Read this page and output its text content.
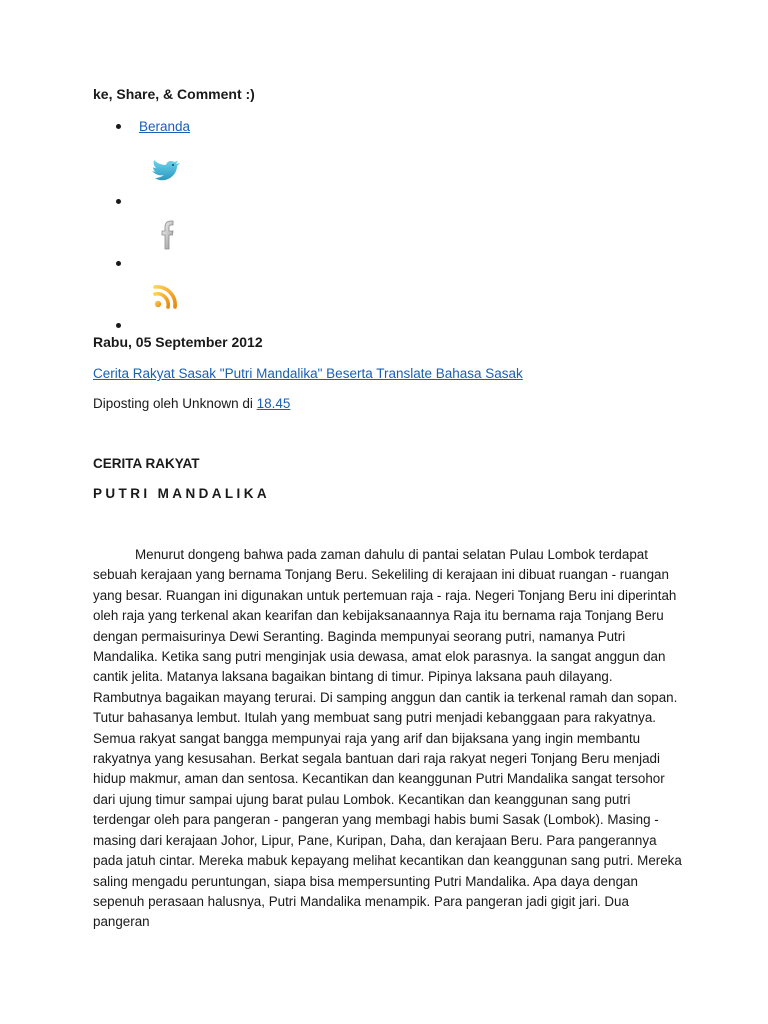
ke, Share, & Comment :)

Beranda

Rabu, 05 September 2012

Cerita Rakyat Sasak "Putri Mandalika" Beserta Translate Bahasa Sasak

Diposting oleh Unknown di 18.45

CERITA RAKYAT

PUTRI MANDALIKA

Menurut dongeng bahwa pada zaman dahulu di pantai selatan Pulau Lombok terdapat sebuah kerajaan yang bernama Tonjang Beru. Sekeliling di kerajaan ini dibuat ruangan - ruangan yang besar. Ruangan ini digunakan untuk pertemuan raja - raja. Negeri Tonjang Beru ini diperintah oleh raja yang terkenal akan kearifan dan kebijaksanaannya Raja itu bernama raja Tonjang Beru dengan permaisurinya Dewi Seranting. Baginda mempunyai seorang putri, namanya Putri Mandalika. Ketika sang putri menginjak usia dewasa, amat elok parasnya. Ia sangat anggun dan cantik jelita. Matanya laksana bagaikan bintang di timur. Pipinya laksana pauh dilayang. Rambutnya bagaikan mayang terurai. Di samping anggun dan cantik ia terkenal ramah dan sopan. Tutur bahasanya lembut. Itulah yang membuat sang putri menjadi kebanggaan para rakyatnya. Semua rakyat sangat bangga mempunyai raja yang arif dan bijaksana yang ingin membantu rakyatnya yang kesusahan. Berkat segala bantuan dari raja rakyat negeri Tonjang Beru menjadi hidup makmur, aman dan sentosa. Kecantikan dan keanggunan Putri Mandalika sangat tersohor dari ujung timur sampai ujung barat pulau Lombok. Kecantikan dan keanggunan sang putri terdengar oleh para pangeran - pangeran yang membagi habis bumi Sasak (Lombok). Masing - masing dari kerajaan Johor, Lipur, Pane, Kuripan, Daha, dan kerajaan Beru. Para pangerannya pada jatuh cintar. Mereka mabuk kepayang melihat kecantikan dan keanggunan sang putri. Mereka saling mengadu peruntungan, siapa bisa mempersunting Putri Mandalika. Apa daya dengan sepenuh perasaan halusnya, Putri Mandalika menampik. Para pangeran jadi gigit jari. Dua pangeran
